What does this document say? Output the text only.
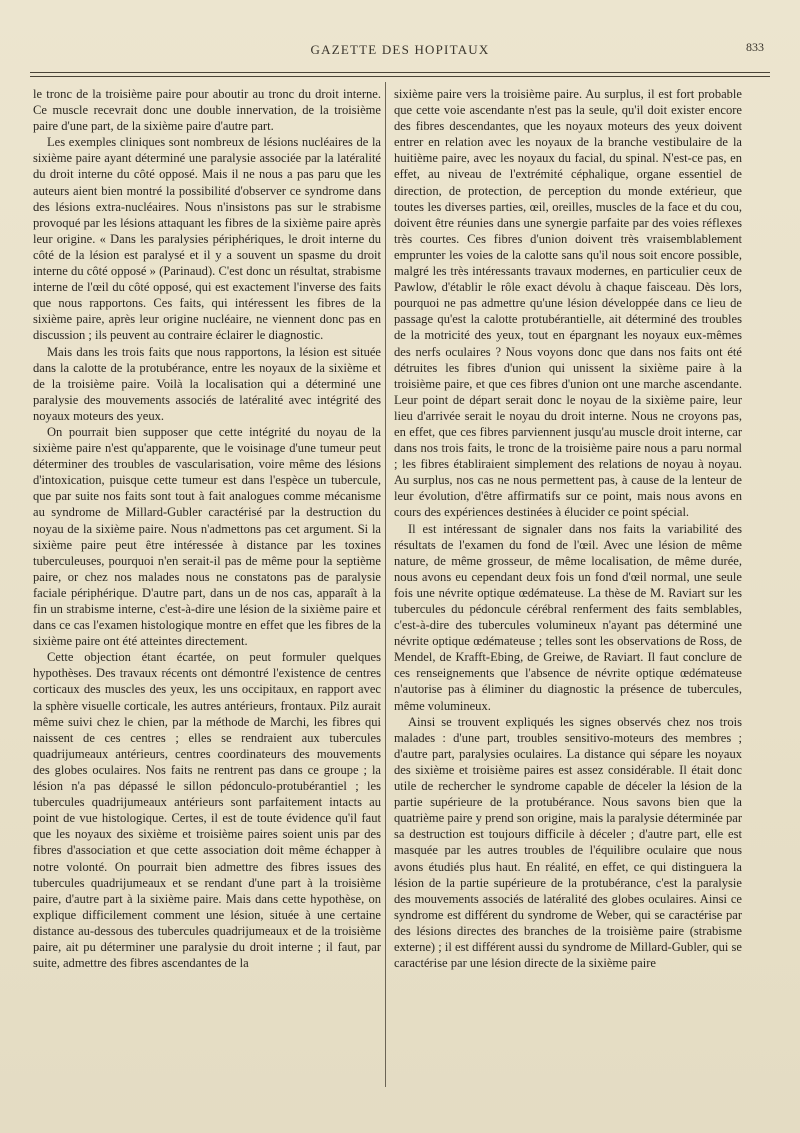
GAZETTE DES HOPITAUX	833

le tronc de la troisième paire pour aboutir au tronc du droit interne. Ce muscle recevrait donc une double innervation, de la troisième paire d'une part, de la sixième paire d'autre part.

Les exemples cliniques sont nombreux de lésions nucléaires de la sixième paire ayant déterminé une paralysie associée par la latéralité du droit interne du côté opposé. Mais il ne nous a pas paru que les auteurs aient bien montré la possibilité d'observer ce syndrome dans des lésions extra-nucléaires. Nous n'insistons pas sur le strabisme provoqué par les lésions attaquant les fibres de la sixième paire après leur origine. « Dans les paralysies périphériques, le droit interne du côté de la lésion est paralysé et il y a souvent un spasme du droit interne du côté opposé » (Parinaud). C'est donc un résultat, strabisme interne de l'œil du côté opposé, qui est exactement l'inverse des faits que nous rapportons. Ces faits, qui intéressent les fibres de la sixième paire, après leur origine nucléaire, ne viennent donc pas en discussion ; ils peuvent au contraire éclairer le diagnostic.

Mais dans les trois faits que nous rapportons, la lésion est située dans la calotte de la protubérance, entre les noyaux de la sixième et de la troisième paire. Voilà la localisation qui a déterminé une paralysie des mouvements associés de latéralité avec intégrité des noyaux moteurs des yeux.

On pourrait bien supposer que cette intégrité du noyau de la sixième paire n'est qu'apparente, que le voisinage d'une tumeur peut déterminer des troubles de vascularisation, voire même des lésions d'intoxication, puisque cette tumeur est dans l'espèce un tubercule, que par suite nos faits sont tout à fait analogues comme mécanisme au syndrome de Millard-Gubler caractérisé par la destruction du noyau de la sixième paire. Nous n'admettons pas cet argument. Si la sixième paire peut être intéressée à distance par les toxines tuberculeuses, pourquoi n'en serait-il pas de même pour la septième paire, or chez nos malades nous ne constatons pas de paralysie faciale périphérique. D'autre part, dans un de nos cas, apparaît à la fin un strabisme interne, c'est-à-dire une lésion de la sixième paire et dans ce cas l'examen histologique montre en effet que les fibres de la sixième paire ont été atteintes directement.

Cette objection étant écartée, on peut formuler quelques hypothèses. Des travaux récents ont démontré l'existence de centres corticaux des muscles des yeux, les uns occipitaux, en rapport avec la sphère visuelle corticale, les autres antérieurs, frontaux. Pilz aurait même suivi chez le chien, par la méthode de Marchi, les fibres qui naissent de ces centres ; elles se rendraient aux tubercules quadrijumeaux antérieurs, centres coordinateurs des mouvements des globes oculaires. Nos faits ne rentrent pas dans ce groupe ; la lésion n'a pas dépassé le sillon pédonculo-protubérantiel ; les tubercules quadrijumeaux antérieurs sont parfaitement intacts au point de vue histologique. Certes, il est de toute évidence qu'il faut que les noyaux des sixième et troisième paires soient unis par des fibres d'association et que cette association doit même échapper à notre volonté. On pourrait bien admettre des fibres issues des tubercules quadrijumeaux et se rendant d'une part à la troisième paire, d'autre part à la sixième paire. Mais dans cette hypothèse, on explique difficilement comment une lésion, située à une certaine distance au-dessous des tubercules quadrijumeaux et de la troisième paire, ait pu déterminer une paralysie du droit interne ; il faut, par suite, admettre des fibres ascendantes de la

sixième paire vers la troisième paire. Au surplus, il est fort probable que cette voie ascendante n'est pas la seule, qu'il doit exister encore des fibres descendantes, que les noyaux moteurs des yeux doivent entrer en relation avec les noyaux de la branche vestibulaire de la huitième paire, avec les noyaux du facial, du spinal. N'est-ce pas, en effet, au niveau de l'extrémité céphalique, organe essentiel de direction, de protection, de perception du monde extérieur, que toutes les diverses parties, œil, oreilles, muscles de la face et du cou, doivent être réunies dans une synergie parfaite par des voies réflexes très courtes. Ces fibres d'union doivent très vraisemblablement emprunter les voies de la calotte sans qu'il nous soit encore possible, malgré les très intéressants travaux modernes, en particulier ceux de Pawlow, d'établir le rôle exact dévolu à chaque faisceau. Dès lors, pourquoi ne pas admettre qu'une lésion développée dans ce lieu de passage qu'est la calotte protubérantielle, ait déterminé des troubles de la motricité des yeux, tout en épargnant les noyaux eux-mêmes des nerfs oculaires ? Nous voyons donc que dans nos faits ont été détruites les fibres d'union qui unissent la sixième paire à la troisième paire, et que ces fibres d'union ont une marche ascendante. Leur point de départ serait donc le noyau de la sixième paire, leur lieu d'arrivée serait le noyau du droit interne. Nous ne croyons pas, en effet, que ces fibres parviennent jusqu'au muscle droit interne, car dans nos trois faits, le tronc de la troisième paire nous a paru normal ; les fibres établiraient simplement des relations de noyau à noyau. Au surplus, nos cas ne nous permettent pas, à cause de la lenteur de leur évolution, d'être affirmatifs sur ce point, mais nous avons en cours des expériences destinées à élucider ce point spécial.

Il est intéressant de signaler dans nos faits la variabilité des résultats de l'examen du fond de l'œil. Avec une lésion de même nature, de même grosseur, de même localisation, de même durée, nous avons eu cependant deux fois un fond d'œil normal, une seule fois une névrite optique œdémateuse. La thèse de M. Raviart sur les tubercules du pédoncule cérébral renferment des faits semblables, c'est-à-dire des tubercules volumineux n'ayant pas déterminé une névrite optique œdémateuse ; telles sont les observations de Ross, de Mendel, de Krafft-Ebing, de Greiwe, de Raviart. Il faut conclure de ces renseignements que l'absence de névrite optique œdémateuse n'autorise pas à éliminer du diagnostic la présence de tubercules, même volumineux.

Ainsi se trouvent expliqués les signes observés chez nos trois malades : d'une part, troubles sensitivo-moteurs des membres ; d'autre part, paralysies oculaires. La distance qui sépare les noyaux des sixième et troisième paires est assez considérable. Il était donc utile de rechercher le syndrome capable de déceler la lésion de la partie supérieure de la protubérance. Nous savons bien que la quatrième paire y prend son origine, mais la paralysie déterminée par sa destruction est toujours difficile à déceler ; d'autre part, elle est masquée par les autres troubles de l'équilibre oculaire que nous avons étudiés plus haut. En réalité, en effet, ce qui distinguera la lésion de la partie supérieure de la protubérance, c'est la paralysie des mouvements associés de latéralité des globes oculaires. Ainsi ce syndrome est différent du syndrome de Weber, qui se caractérise par des lésions directes des branches de la troisième paire (strabisme externe) ; il est différent aussi du syndrome de Millard-Gubler, qui se caractérise par une lésion directe de la sixième paire
